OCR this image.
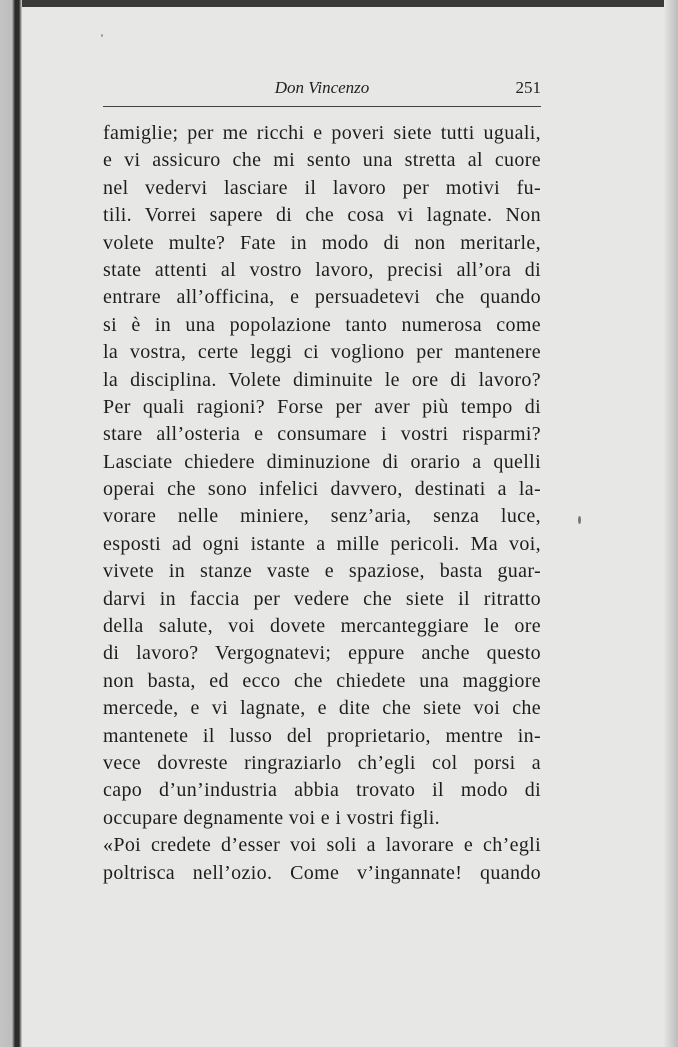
Don Vincenzo	251
famiglie; per me ricchi e poveri siete tutti uguali,
e vi assicuro che mi sento una stretta al cuore
nel vedervi lasciare il lavoro per motivi fu-
tili. Vorrei sapere di che cosa vi lagnate. Non
volete multe? Fate in modo di non meritarle,
state attenti al vostro lavoro, precisi all’ora di
entrare all’officina, e persuadetevi che quando
si è in una popolazione tanto numerosa come
la vostra, certe leggi ci vogliono per mantenere
la disciplina. Volete diminuite le ore di lavoro?
Per quali ragioni? Forse per aver più tempo di
stare all’osteria e consumare i vostri risparmi?
Lasciate chiedere diminuzione di orario a quelli
operai che sono infelici davvero, destinati a la-
vorare nelle miniere, senz’aria, senza luce,
esposti ad ogni istante a mille pericoli. Ma voi,
vivete in stanze vaste e spaziose, basta guar-
darvi in faccia per vedere che siete il ritratto
della salute, voi dovete mercanteggiare le ore
di lavoro? Vergognatevi; eppure anche questo
non basta, ed ecco che chiedete una maggiore
mercede, e vi lagnate, e dite che siete voi che
mantenete il lusso del proprietario, mentre in-
vece dovreste ringraziarlo ch’egli col porsi a
capo d’un’industria abbia trovato il modo di
occupare degnamente voi e i vostri figli.
«Poi credete d’esser voi soli a lavorare e ch’egli
poltrisca nell’ozio. Come v’ingannate! quando
